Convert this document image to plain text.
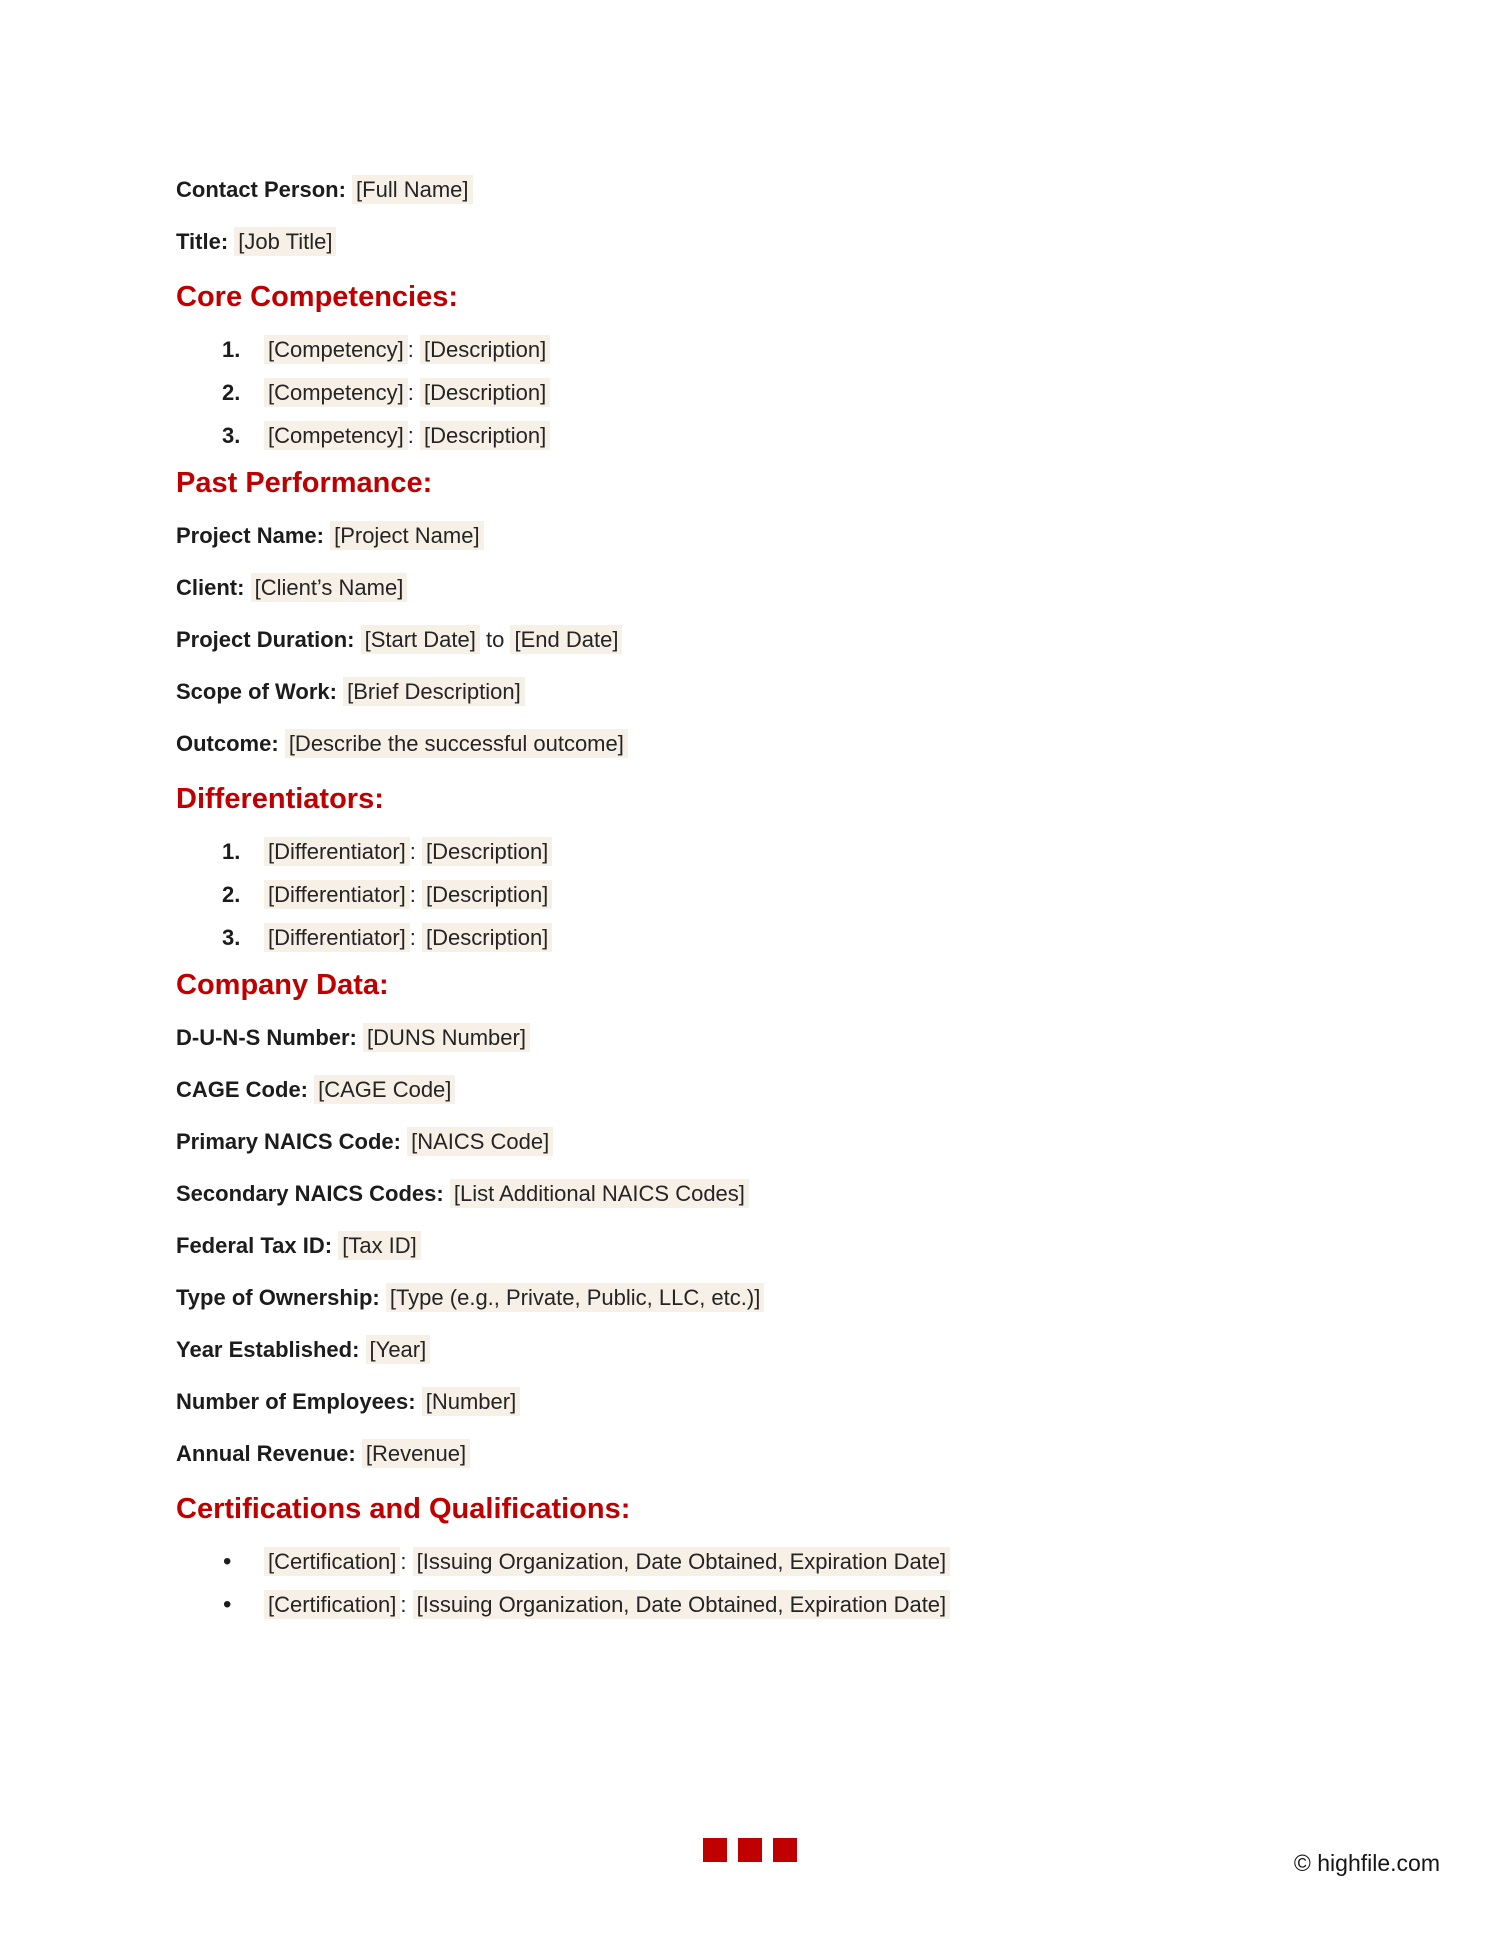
Contact Person: [Full Name]

Title: [Job Title]

Core Competencies:
1. [Competency] : [Description]
2. [Competency] : [Description]
3. [Competency] : [Description]
Past Performance:

Project Name: [Project Name]

Client: [Client’s Name]

Project Duration: [Start Date] to [End Date]

Scope of Work: [Brief Description]

Outcome: [Describe the successful outcome]

Differentiators:
1. [Differentiator] : [Description]
2. [Differentiator] : [Description]
3. [Differentiator] : [Description]
Company Data:

D-U-N-S Number: [DUNS Number]

CAGE Code: [CAGE Code]

Primary NAICS Code: [NAICS Code]

Secondary NAICS Codes: [List Additional NAICS Codes]

Federal Tax ID: [Tax ID]

Type of Ownership: [Type (e.g., Private, Public, LLC, etc.)]

Year Established: [Year]

Number of Employees: [Number]

Annual Revenue: [Revenue]

Certifications and Qualifications:
• [Certification] : [Issuing Organization, Date Obtained, Expiration Date]
• [Certification] : [Issuing Organization, Date Obtained, Expiration Date]
© highfile.com
